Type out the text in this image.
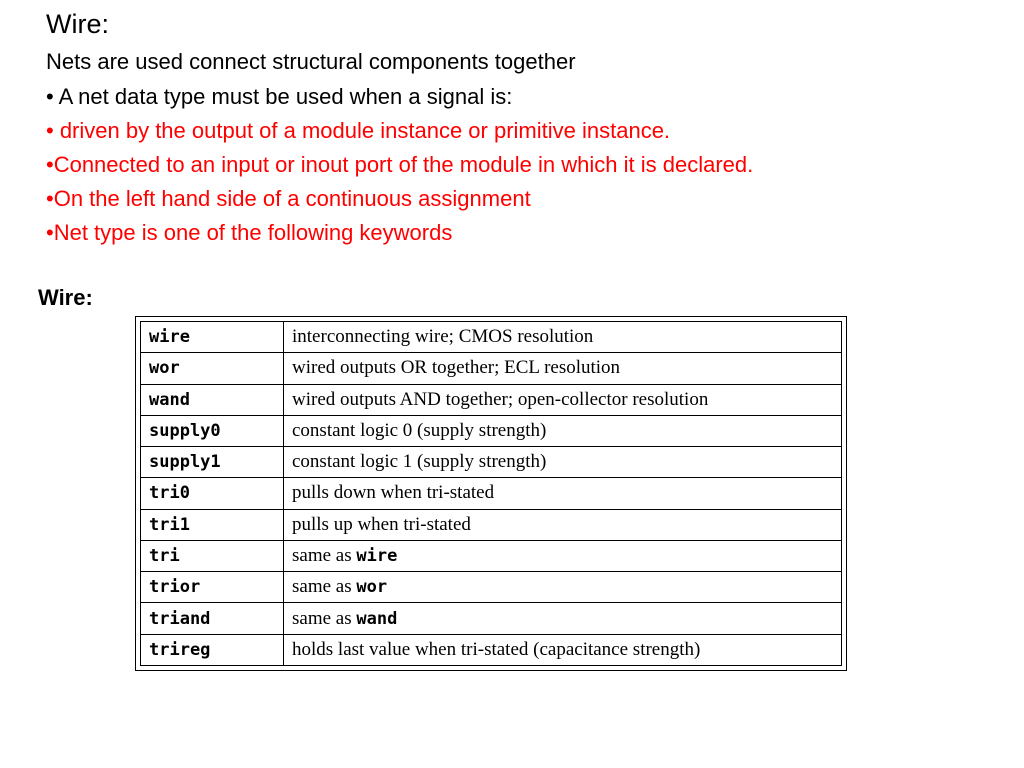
Wire:
Nets are used connect structural components together
• A net data type must be used when a signal is:
• driven by the output of a module instance or primitive instance.
•Connected to an input or inout port of the module in which it is declared.
•On the left hand side of a continuous assignment
•Net type is one of the following keywords
Wire:
wire	interconnecting wire; CMOS resolution
wor	wired outputs OR together; ECL resolution
wand	wired outputs AND together; open-collector resolution
supply0	constant logic 0 (supply strength)
supply1	constant logic 1 (supply strength)
tri0	pulls down when tri-stated
tri1	pulls up when tri-stated
tri	same as wire
trior	same as wor
triand	same as wand
trireg	holds last value when tri-stated (capacitance strength)
